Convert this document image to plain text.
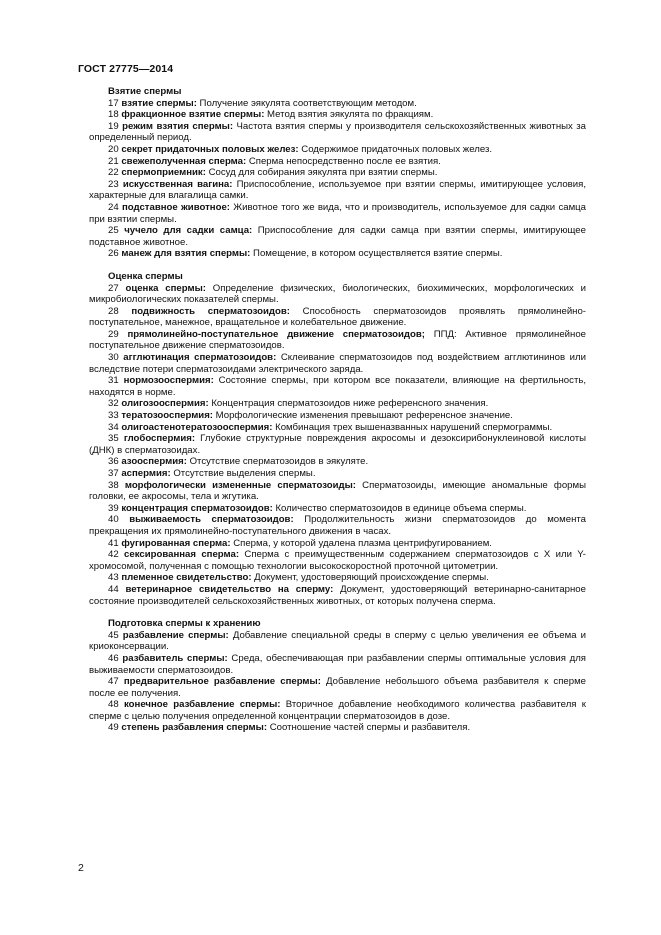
ГОСТ 27775—2014

Взятие спермы

17 взятие спермы: Получение эякулята соответствующим методом.

18 фракционное взятие спермы: Метод взятия эякулята по фракциям.

19 режим взятия спермы: Частота взятия спермы у производителя сельскохозяйственных животных за определенный период.

20 секрет придаточных половых желез: Содержимое придаточных половых желез.

21 свежеполученная сперма: Сперма непосредственно после ее взятия.

22 спермоприемник: Сосуд для собирания эякулята при взятии спермы.

23 искусственная вагина: Приспособление, используемое при взятии спермы, имитирующее условия, характерные для влагалища самки.

24 подставное животное: Животное того же вида, что и производитель, используемое для садки самца при взятии спермы.

25 чучело для садки самца: Приспособление для садки самца при взятии спермы, имитирующее подставное животное.

26 манеж для взятия спермы: Помещение, в котором осуществляется взятие спермы.

Оценка спермы

27 оценка спермы: Определение физических, биологических, биохимических, морфологических и микробиологических показателей спермы.

28 подвижность сперматозоидов: Способность сперматозоидов проявлять прямолинейно-поступательное, манежное, вращательное и колебательное движение.

29 прямолинейно-поступательное движение сперматозоидов; ППД: Активное прямолинейное поступательное движение сперматозоидов.

30 агглютинация сперматозоидов: Склеивание сперматозоидов под воздействием агглютининов или вследствие потери сперматозоидами электрического заряда.

31 нормозооспермия: Состояние спермы, при котором все показатели, влияющие на фертильность, находятся в норме.

32 олигозооспермия: Концентрация сперматозоидов ниже референсного значения.

33 тератозооспермия: Морфологические изменения превышают референсное значение.

34 олигоастенотератозооспермия: Комбинация трех вышеназванных нарушений спермограммы.

35 глобоспермия: Глубокие структурные повреждения акросомы и дезоксирибонуклеиновой кислоты (ДНК) в сперматозоидах.

36 азооспермия: Отсутствие сперматозоидов в эякуляте.

37 аспермия: Отсутствие выделения спермы.

38 морфологически измененные сперматозоиды: Сперматозоиды, имеющие аномальные формы головки, ее акросомы, тела и жгутика.

39 концентрация сперматозоидов: Количество сперматозоидов в единице объема спермы.

40 выживаемость сперматозоидов: Продолжительность жизни сперматозоидов до момента прекращения их прямолинейно-поступательного движения в часах.

41 фугированная сперма: Сперма, у которой удалена плазма центрифугированием.

42 сексированная сперма: Сперма с преимущественным содержанием сперматозоидов с X или Y-хромосомой, полученная с помощью технологии высокоскоростной проточной цитометрии.

43 племенное свидетельство: Документ, удостоверяющий происхождение спермы.

44 ветеринарное свидетельство на сперму: Документ, удостоверяющий ветеринарно-санитарное состояние производителей сельскохозяйственных животных, от которых получена сперма.

Подготовка спермы к хранению

45 разбавление спермы: Добавление специальной среды в сперму с целью увеличения ее объема и криоконсервации.

46 разбавитель спермы: Среда, обеспечивающая при разбавлении спермы оптимальные условия для выживаемости сперматозоидов.

47 предварительное разбавление спермы: Добавление небольшого объема разбавителя к сперме после ее получения.

48 конечное разбавление спермы: Вторичное добавление необходимого количества разбавителя к сперме с целью получения определенной концентрации сперматозоидов в дозе.

49 степень разбавления спермы: Соотношение частей спермы и разбавителя.

2
